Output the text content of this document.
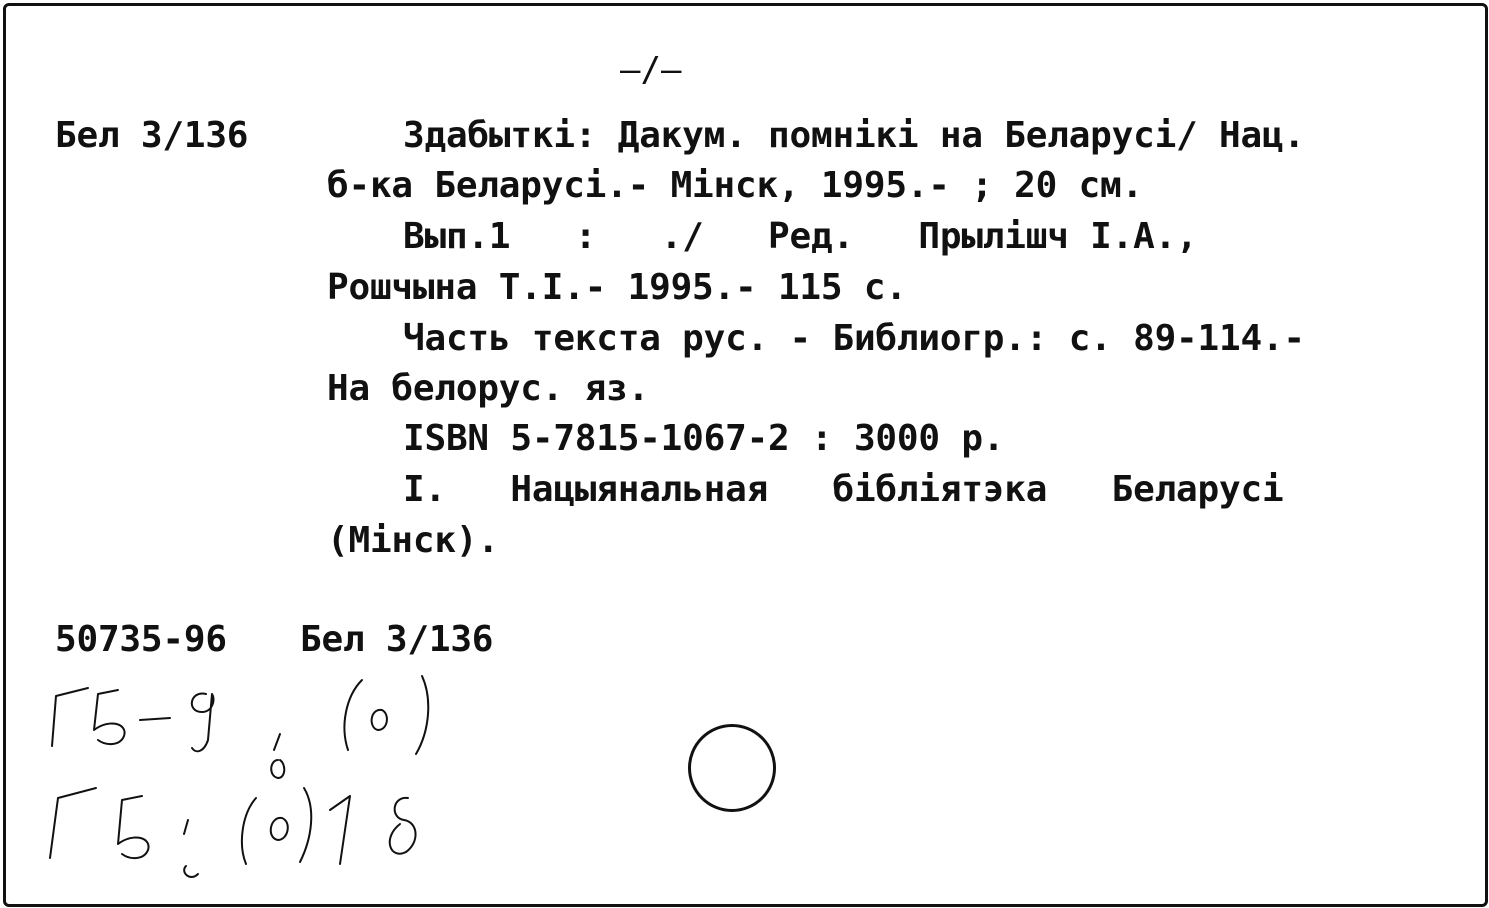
—/—
Бел 3/136	Здабыткі: Дакум. помнікі на Беларусі/ Нац.
б-ка Беларусі.- Мінск, 1995.- ; 20 см.
Вып.1   :   ./   Ред.   Прылішч І.А.,
Рошчына Т.І.- 1995.- 115 с.
Часть текста рус. - Библиогр.: с. 89-114.-
На белорус. яз.
ISBN 5-7815-1067-2 : 3000 р.
І.   Нацыянальная   бібліятэка   Беларусі
(Мінск).
50735-96 Бел 3/136
